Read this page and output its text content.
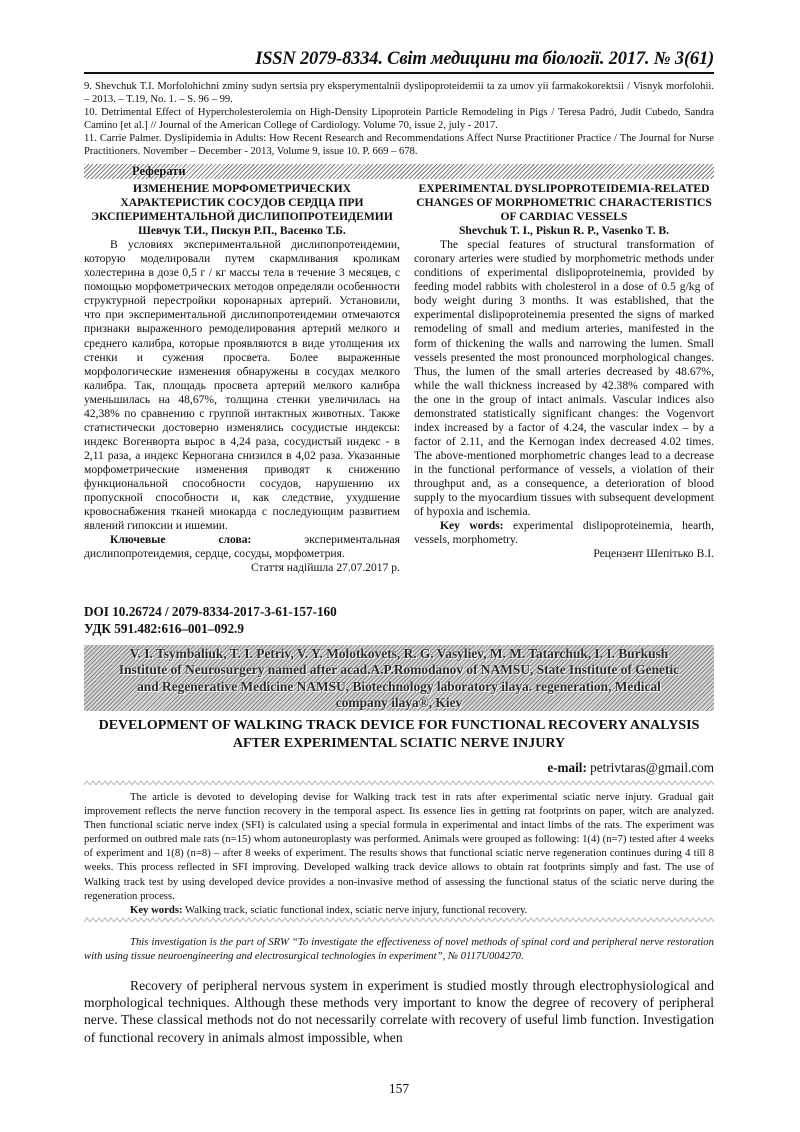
ISSN 2079-8334. Світ медицини та біології. 2017. № 3(61)

9. Shevchuk T.I. Morfolohichni zminy sudyn sertsia pry eksperymentalnii dyslipoproteidemii ta za umov yii farmakokorektsii / Visnyk morfolohii. – 2013. – T.19, No. 1. – S. 96 – 99.

10. Detrimental Effect of Hypercholesterolemia on High-Density Lipoprotein Particle Remodeling in Pigs / Teresa Padró, Judit Cubedo, Sandra Camino [et al.] // Journal of the American College of Cardiology. Volume 70, issue 2, july - 2017.

11. Carrie Palmer. Dyslipidemia in Adults: How Recent Research and Recommendations Affect Nurse Practitioner Practice / The Journal for Nurse Practitioners. November – December - 2013, Volume 9, issue 10. P. 669 – 678.

Реферати

ИЗМЕНЕНИЕ МОРФОМЕТРИЧЕСКИХ ХАРАКТЕРИСТИК СОСУДОВ СЕРДЦА ПРИ ЭКСПЕРИМЕНТАЛЬНОЙ ДИСЛИПОПРОТЕИДЕМИИ

Шевчук Т.И., Пискун Р.П., Васенко Т.Б.

В условиях экспериментальной дислипопротеидемии, которую моделировали путем скармливания кроликам холестерина в дозе 0,5 г / кг массы тела в течение 3 месяцев, с помощью морфометрических методов определяли особенности структурной перестройки коронарных артерий. Установили, что при экспериментальной дислипопротеидемии отмечаются признаки выраженного ремоделирования артерий мелкого и среднего калибра, которые проявляются в виде утолщения их стенки и сужения просвета. Более выраженные морфологические изменения обнаружены в сосудах мелкого калибра. Так, площадь просвета артерий мелкого калибра уменьшилась на 48,67%, толщина стенки увеличилась на 42,38% по сравнению с группой интактных животных. Также статистически достоверно изменялись сосудистые индексы: индекс Вогенворта вырос в 4,24 раза, сосудистый индекс - в 2,11 раза, а индекс Керногана снизился в 4,02 раза. Указанные морфометрические изменения приводят к снижению функциональной способности сосудов, нарушению их пропускной способности и, как следствие, ухудшение кровоснабжения тканей миокарда с последующим развитием явлений гипоксии и ишемии.

Ключевые слова:	экспериментальная дислипопротеидемия, сердце, сосуды, морфометрия.

Стаття надійшла 27.07.2017 р.

EXPERIMENTAL DYSLIPOPROTEIDEMIA-RELATED CHANGES OF MORPHOMETRIC CHARACTERISTICS OF CARDIAC VESSELS

Shevchuk T. I., Piskun R. P., Vasenko T. B.

The special features of structural transformation of coronary arteries were studied by morphometric methods under conditions of experimental dislipoproteinemia, provided by feeding model rabbits with cholesterol in a dose of 0.5 g/kg of body weight during 3 months. It was established, that the experimental dislipoproteinemia presented the signs of marked remodeling of small and medium arteries, manifested in the form of thickening the walls and narrowing the lumen. Small vessels presented the most pronounced morphological changes. Thus, the lumen of the small arteries decreased by 48.67%, while the wall thickness increased by 42.38% compared with the one in the group of intact animals. Vascular indices also demonstrated statistically significant changes: the Vogenvort index increased by a factor of 4.24, the vascular index – by a factor of 2.11, and the Kernogan index decreased 4.02 times. The above-mentioned morphometric changes lead to a decrease in the functional performance of vessels, a violation of their throughput and, as a consequence, a deterioration of blood supply to the myocardium tissues with subsequent development of hypoxia and ischemia.

Key words: experimental dislipoproteinemia, hearth, vessels, morphometry.

Рецензент Шепітько В.І.

DOI 10.26724 / 2079-8334-2017-3-61-157-160
УДК 591.482:616–001–092.9
V. I. Tsymbaliuk, T. I. Petriv, V. Y. Molotkovets, R. G. Vasyliev, M. M. Tatarchuk, I. I. Burkush
Institute of Neurosurgery named after acad.A.P.Romodanov of NAMSU, State Institute of Genetic
and Regenerative Medicine NAMSU, Biotechnology laboratory ilaya. regeneration, Medical
company ilaya®, Kiev
DEVELOPMENT OF WALKING TRACK DEVICE FOR FUNCTIONAL RECOVERY ANALYSIS AFTER EXPERIMENTAL SCIATIC NERVE INJURY
e-mail: petrivtaras@gmail.com

The article is devoted to developing devise for Walking track test in rats after experimental sciatic nerve injury. Gradual gait improvement reflects the nerve function recovery in the temporal aspect. Its essence lies in getting rat footprints on paper, witch are analyzed. Then functional sciatic nerve index (SFI) is calculated using a special formula in experimental and intact limbs of the rats. The experiment was performed on outbred male rats (n=15) whom autoneuroplasty was performed. Animals were grouped as following: 1(4) (n=7) tested after 4 weeks of experiment and 1(8) (n=8) – after 8 weeks of experiment. The results shows that functional sciatic nerve regeneration continues during 4 till 8 weeks. This process reflected in SFI improving. Developed walking track device allows to obtain rat footprints simply and fast. The use of Walking track test by using developed device provides a non-invasive method of assessing the functional status of the sciatic nerve during the regeneration process.

Key words: Walking track, sciatic functional index, sciatic nerve injury, functional recovery.

This investigation is the part of SRW “To investigate the effectiveness of novel methods of spinal cord and peripheral nerve restoration with using tissue neuroengineering and electrosurgical technologies in experiment”, № 0117U004270.

Recovery of peripheral nervous system in experiment is studied mostly through electrophysiological and morphological techniques. Although these methods very important to know the degree of recovery of peripheral nerve. These classical methods not do not necessarily correlate with recovery of useful limb function. Investigation of functional recovery in animals almost impossible, when

157
